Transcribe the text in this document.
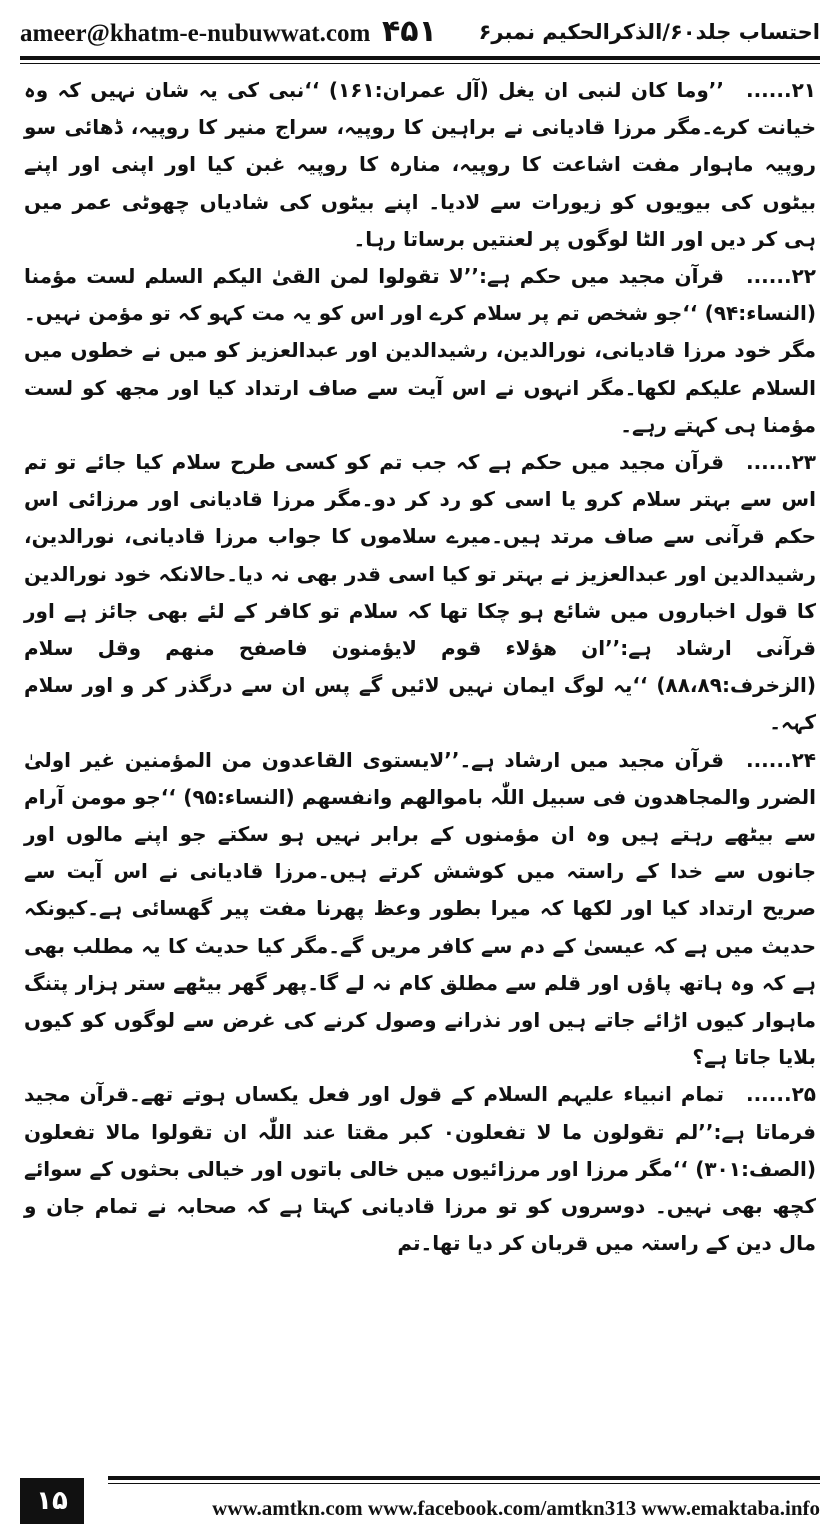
ameer@khatm-e-nubuwwat.com ۴۵۱ احتساب جلد۶۰/الذکرالحکیم نمبر۶

۲۱......’’وما کان لنبی ان یغل (آل عمران:۱۶۱) ‘‘نبی کی یہ شان نہیں کہ وہ خیانت کرے۔مگر مرزا قادیانی نے براہین کا روپیہ، سراج منیر کا روپیہ، ڈھائی سو روپیہ ماہوار مفت اشاعت کا روپیہ، منارہ کا روپیہ غبن کیا اور اپنی اور اپنے بیٹوں کی بیویوں کو زیورات سے لادیا۔ اپنے بیٹوں کی شادیاں چھوٹی عمر میں ہی کر دیں اور الٹا لوگوں پر لعنتیں برساتا رہا۔

۲۲......قرآن مجید میں حکم ہے:’’لا تقولوا لمن القیٰ الیکم السلم لست مؤمنا (النساء:۹۴) ‘‘جو شخص تم پر سلام کرے اور اس کو یہ مت کہو کہ تو مؤمن نہیں۔مگر خود مرزا قادیانی، نورالدین، رشیدالدین اور عبدالعزیز کو میں نے خطوں میں السلام علیکم لکھا۔مگر انہوں نے اس آیت سے صاف ارتداد کیا اور مجھ کو لست مؤمنا ہی کہتے رہے۔

۲۳......قرآن مجید میں حکم ہے کہ جب تم کو کسی طرح سلام کیا جائے تو تم اس سے بہتر سلام کرو یا اسی کو رد کر دو۔مگر مرزا قادیانی اور مرزائی اس حکم قرآنی سے صاف مرتد ہیں۔میرے سلاموں کا جواب مرزا قادیانی، نورالدین، رشیدالدین اور عبدالعزیز نے بہتر تو کیا اسی قدر بھی نہ دیا۔حالانکہ خود نورالدین کا قول اخباروں میں شائع ہو چکا تھا کہ سلام تو کافر کے لئے بھی جائز ہے اور قرآنی ارشاد ہے:’’ان ھؤلاء قوم لایؤمنون فاصفح منھم وقل سلام (الزخرف:۸۸،۸۹) ‘‘یہ لوگ ایمان نہیں لائیں گے پس ان سے درگذر کر و اور سلام کہہ۔

۲۴......قرآن مجید میں ارشاد ہے۔’’لایستوی القاعدون من المؤمنین غیر اولیٰ الضرر والمجاھدون فی سبیل اللّٰہ باموالھم وانفسھم (النساء:۹۵) ‘‘جو مومن آرام سے بیٹھے رہتے ہیں وہ ان مؤمنوں کے برابر نہیں ہو سکتے جو اپنے مالوں اور جانوں سے خدا کے راستہ میں کوشش کرتے ہیں۔مرزا قادیانی نے اس آیت سے صریح ارتداد کیا اور لکھا کہ میرا بطور وعظ پھرنا مفت پیر گھسائی ہے۔کیونکہ حدیث میں ہے کہ عیسیٰ کے دم سے کافر مریں گے۔مگر کیا حدیث کا یہ مطلب بھی ہے کہ وہ ہاتھ پاؤں اور قلم سے مطلق کام نہ لے گا۔پھر گھر بیٹھے ستر ہزار پتنگ ماہوار کیوں اڑائے جاتے ہیں اور نذرانے وصول کرنے کی غرض سے لوگوں کو کیوں بلایا جاتا ہے؟

۲۵......تمام انبیاء علیہم السلام کے قول اور فعل یکساں ہوتے تھے۔قرآن مجید فرماتا ہے:’’لم تقولون ما لا تفعلون۰ کبر مقتا عند اللّٰہ ان تقولوا مالا تفعلون (الصف:۳۰۱) ‘‘مگر مرزا اور مرزائیوں میں خالی باتوں اور خیالی بحثوں کے سوائے کچھ بھی نہیں۔ دوسروں کو تو مرزا قادیانی کہتا ہے کہ صحابہ نے تمام جان و مال دین کے راستہ میں قربان کر دیا تھا۔تم

۱۵	www.amtkn.com www.facebook.com/amtkn313 www.emaktaba.info
